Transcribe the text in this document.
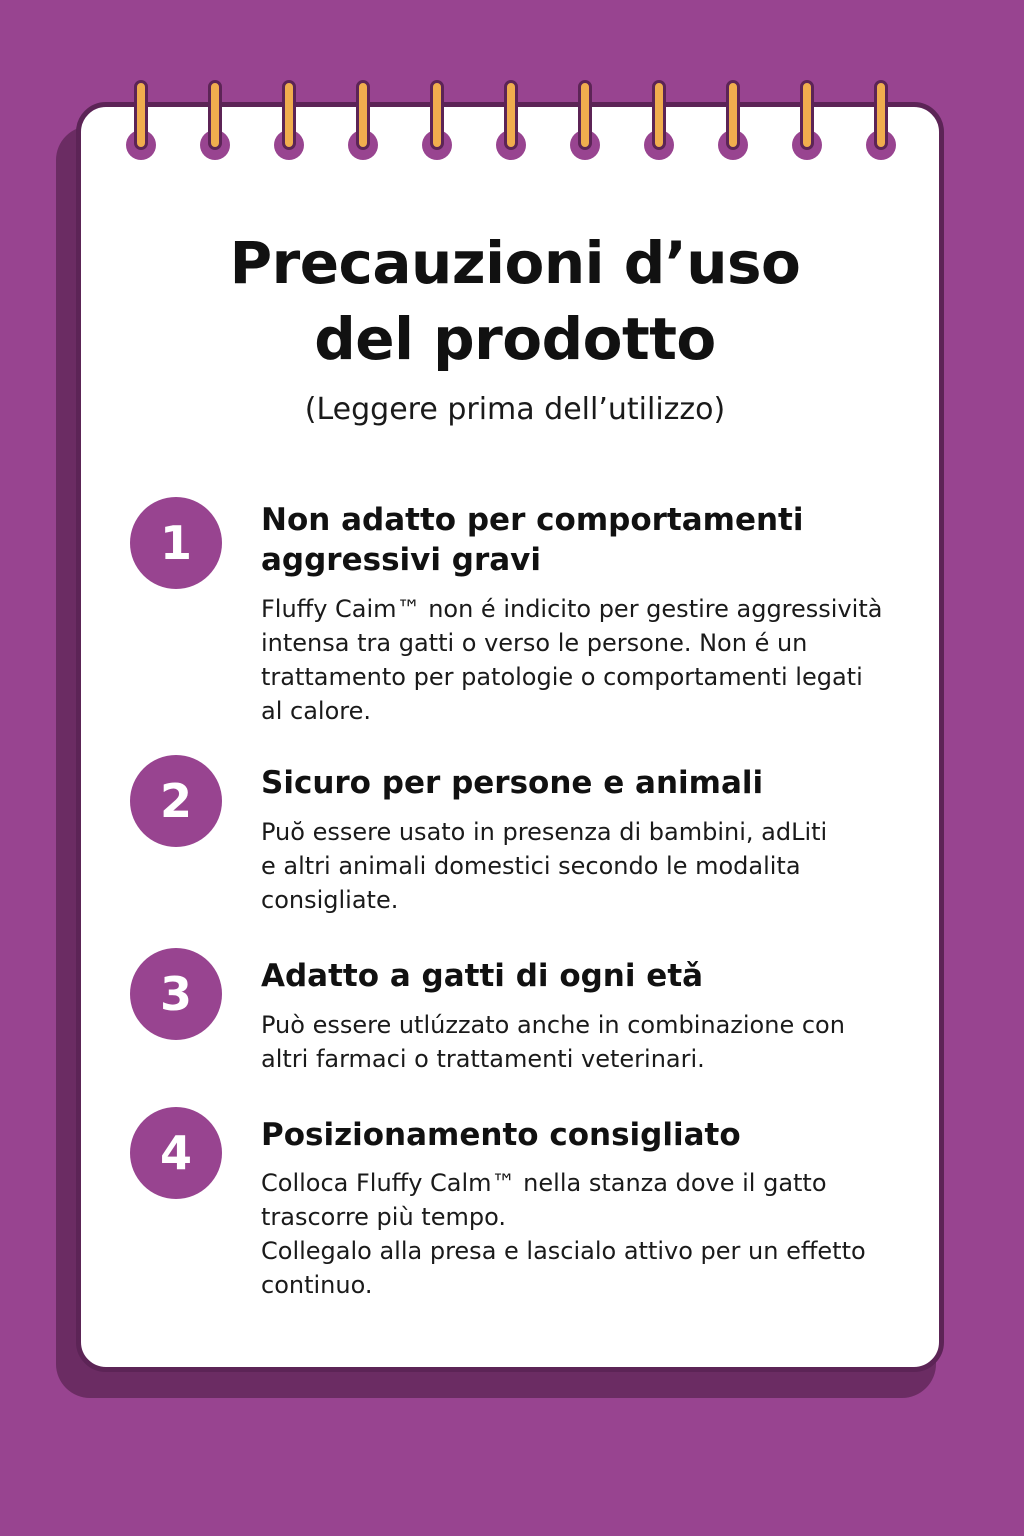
Precauzioni d’uso
del prodotto
(Leggere prima dell’utilizzo)
1	Non adatto per comportamenti
aggressivi gravi

Fluffy Caim™ non é indicito per gestire aggressività
intensa tra gatti o verso le persone. Non é un
trattamento per patologie o comportamenti legati
al calore.

2	Sicuro per persone e animali

Puŏ essere usato in presenza di bambini, adLiti
e altri animali domestici secondo le modalita
consigliate.

3	Adatto a gatti di ogni etǎ

Può essere utlúzzato anche in combinazione con
altri farmaci o trattamenti veterinari.

4	Posizionamento consigliato

Colloca Fluffy Calm™ nella stanza dove il gatto
trascorre più tempo.
Collegalo alla presa e lascialo attivo per un effetto
continuo.
